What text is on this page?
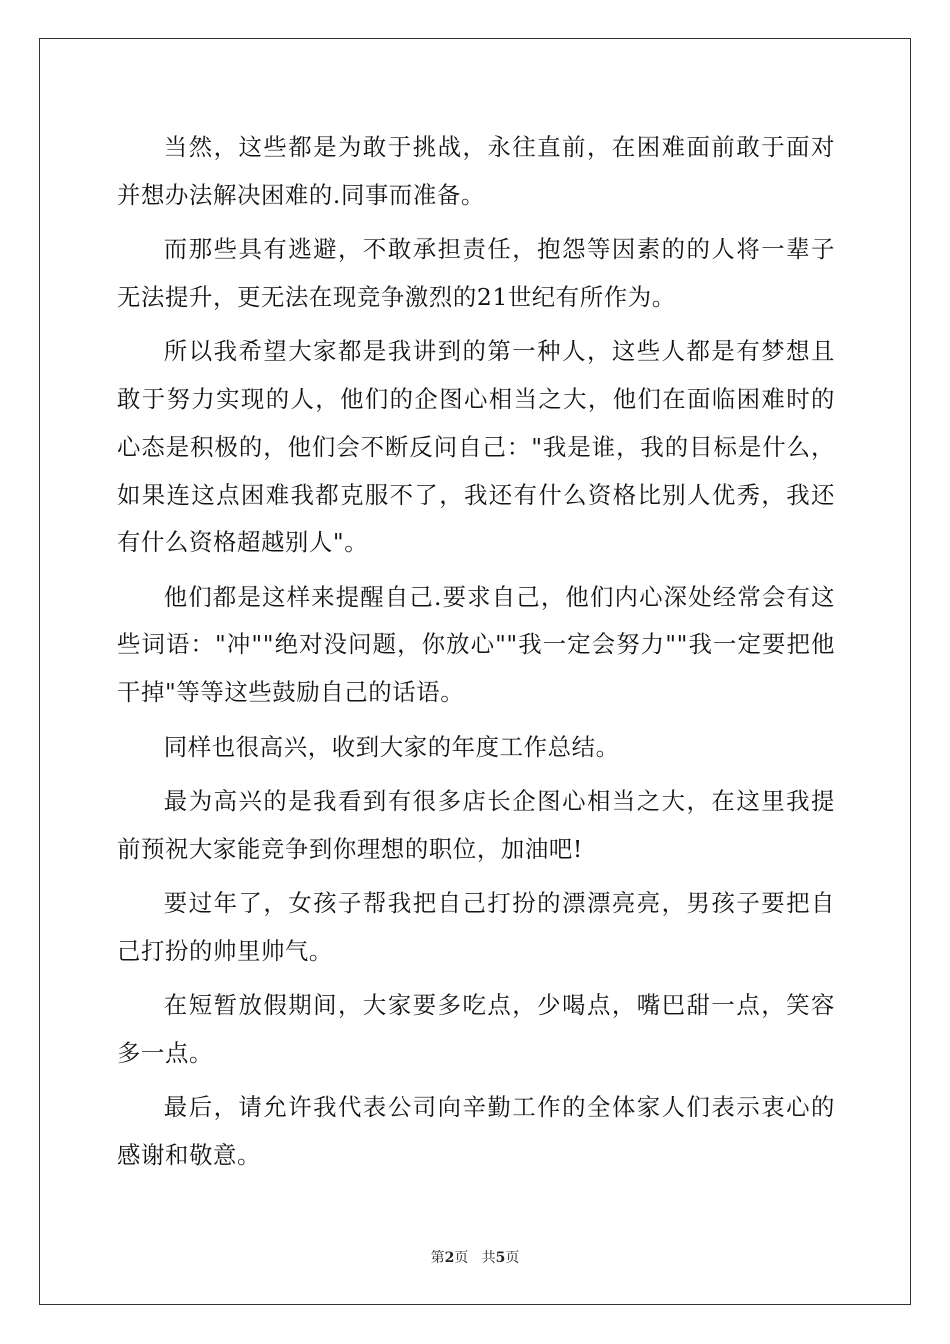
当然，这些都是为敢于挑战，永往直前，在困难面前敢于面对并想办法解决困难的.同事而准备。

而那些具有逃避，不敢承担责任，抱怨等因素的的人将一辈子无法提升，更无法在现竞争激烈的21世纪有所作为。

所以我希望大家都是我讲到的第一种人，这些人都是有梦想且敢于努力实现的人，他们的企图心相当之大，他们在面临困难时的心态是积极的，他们会不断反问自己："我是谁，我的目标是什么，如果连这点困难我都克服不了，我还有什么资格比别人优秀，我还有什么资格超越别人"。

他们都是这样来提醒自己.要求自己，他们内心深处经常会有这些词语："冲""绝对没问题，你放心""我一定会努力""我一定要把他干掉"等等这些鼓励自己的话语。

同样也很高兴，收到大家的年度工作总结。

最为高兴的是我看到有很多店长企图心相当之大，在这里我提前预祝大家能竞争到你理想的职位，加油吧!

要过年了，女孩子帮我把自己打扮的漂漂亮亮，男孩子要把自己打扮的帅里帅气。

在短暂放假期间，大家要多吃点，少喝点，嘴巴甜一点，笑容多一点。

最后，请允许我代表公司向辛勤工作的全体家人们表示衷心的感谢和敬意。

第2页 共5页
